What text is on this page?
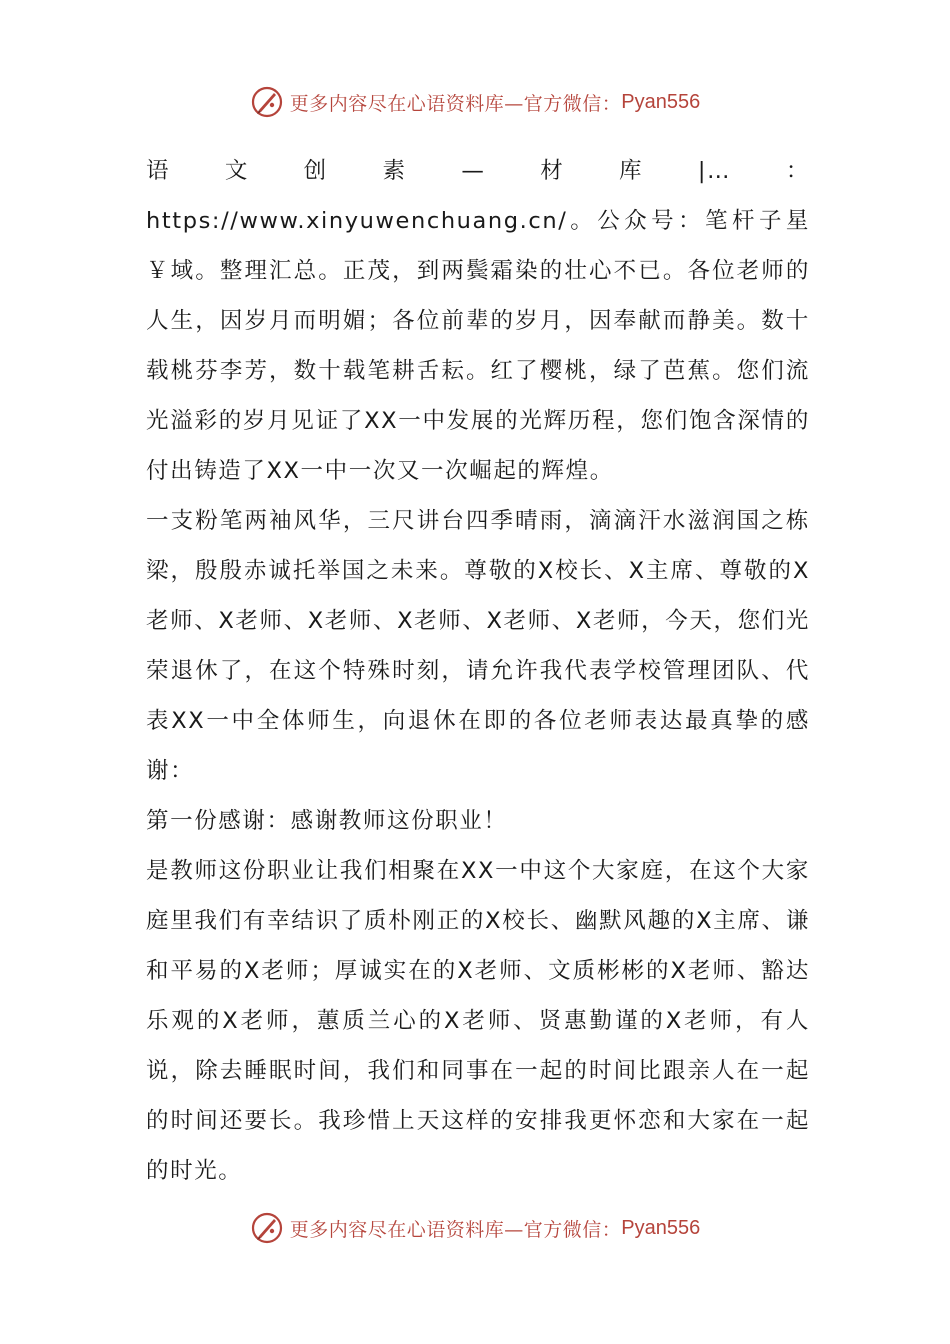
更多内容尽在心语资料库—官方微信： Pyan556

语文创素—材库|…：https://www.xinyuwenchuang.cn/。公众号：笔杆子星￥域。整理汇总。正茂，到两鬓霜染的壮心不已。各位老师的人生，因岁月而明媚；各位前辈的岁月，因奉献而静美。数十载桃芬李芳，数十载笔耕舌耘。红了樱桃，绿了芭蕉。您们流光溢彩的岁月见证了XX一中发展的光辉历程，您们饱含深情的付出铸造了XX一中一次又一次崛起的辉煌。

一支粉笔两袖风华，三尺讲台四季晴雨，滴滴汗水滋润国之栋梁，殷殷赤诚托举国之未来。尊敬的X校长、X主席、尊敬的X老师、X老师、X老师、X老师、X老师、X老师，今天，您们光荣退休了，在这个特殊时刻，请允许我代表学校管理团队、代表XX一中全体师生，向退休在即的各位老师表达最真挚的感谢：

第一份感谢：感谢教师这份职业！

是教师这份职业让我们相聚在XX一中这个大家庭，在这个大家庭里我们有幸结识了质朴刚正的X校长、幽默风趣的X主席、谦和平易的X老师；厚诚实在的X老师、文质彬彬的X老师、豁达乐观的X老师，蕙质兰心的X老师、贤惠勤谨的X老师，有人说，除去睡眠时间，我们和同事在一起的时间比跟亲人在一起的时间还要长。我珍惜上天这样的安排我更怀恋和大家在一起的时光。

更多内容尽在心语资料库—官方微信： Pyan556
